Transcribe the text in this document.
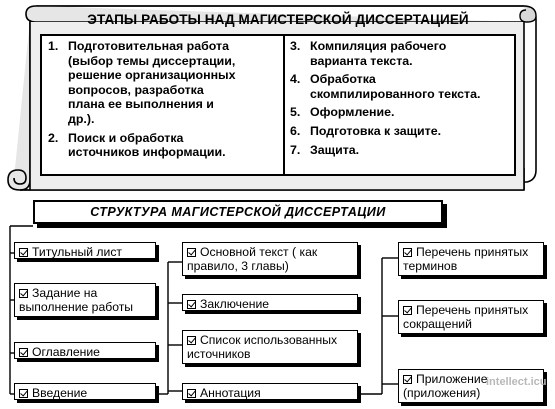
ЭТАПЫ РАБОТЫ НАД МАГИСТЕРСКОЙ ДИССЕРТАЦИЕЙ
1. Подготовительная работа
(выбор темы диссертации,
решение организационных
вопросов, разработка
плана ее выполнения и
др.).
2. Поиск и обработка
источников информации.
3. Компиляция рабочего
варианта текста.
4. Обработка
скомпилированного текста.
5. Оформление.
6. Подготовка к защите.
7. Защита.
СТРУКТУРА МАГИСТЕРСКОЙ ДИССЕРТАЦИИ
Титульный лист
Задание на выполнение работы
Оглавление
Введение
Основной текст ( как правило, 3 главы)
Заключение
Список использованных источников
Аннотация
Перечень принятых терминов
Перечень принятых сокращений
Приложение (приложения)
intellect.icu
